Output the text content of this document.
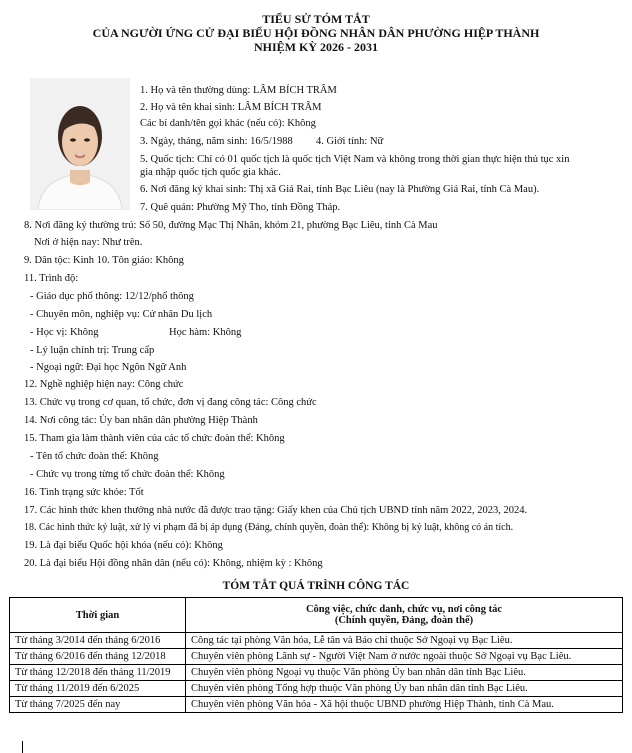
TIỂU SỬ TÓM TẮT
CỦA NGƯỜI ỨNG CỬ ĐẠI BIỂU HỘI ĐỒNG NHÂN DÂN PHƯỜNG HIỆP THÀNH
NHIỆM KỲ 2026 - 2031
1. Họ và tên thường dùng: LÂM BÍCH TRÂM
2. Họ và tên khai sinh: LÂM BÍCH TRÂM
Các bí danh/tên gọi khác (nếu có): Không
3. Ngày, tháng, năm sinh: 16/5/1988 4. Giới tính: Nữ
5. Quốc tịch: Chỉ có 01 quốc tịch là quốc tịch Việt Nam và không trong thời gian thực hiện thủ tục xin
gia nhập quốc tịch quốc gia khác.
6. Nơi đăng ký khai sinh: Thị xã Giá Rai, tỉnh Bạc Liêu (nay là Phường Giá Rai, tỉnh Cà Mau).
7. Quê quán: Phường Mỹ Tho, tỉnh Đồng Tháp.
8. Nơi đăng ký thường trú: Số 50, đường Mạc Thị Nhân, khóm 21, phường Bạc Liêu, tỉnh Cà Mau
Nơi ở hiện nay: Như trên.
9. Dân tộc: Kinh 10. Tôn giáo: Không
11. Trình độ:
- Giáo dục phổ thông: 12/12/phổ thông
- Chuyên môn, nghiệp vụ: Cử nhân Du lịch
- Học vị: Không	Học hàm: Không
- Lý luận chính trị: Trung cấp
- Ngoại ngữ: Đại học Ngôn Ngữ Anh
12. Nghề nghiệp hiện nay: Công chức
13. Chức vụ trong cơ quan, tổ chức, đơn vị đang công tác: Công chức
14. Nơi công tác: Ủy ban nhân dân phường Hiệp Thành
15. Tham gia làm thành viên của các tổ chức đoàn thể: Không
- Tên tổ chức đoàn thể: Không
- Chức vụ trong từng tổ chức đoàn thể: Không
16. Tình trạng sức khỏe: Tốt
17. Các hình thức khen thưởng nhà nước đã được trao tặng: Giấy khen của Chủ tịch UBND tỉnh năm 2022, 2023, 2024.
18. Các hình thức kỷ luật, xử lý vi phạm đã bị áp dụng (Đảng, chính quyền, đoàn thể): Không bị kỷ luật, không có án tích.
19. Là đại biểu Quốc hội khóa (nếu có): Không
20. Là đại biểu Hội đồng nhân dân (nếu có): Không, nhiệm kỳ : Không
TÓM TẮT QUÁ TRÌNH CÔNG TÁC
Thời gian	Công việc, chức danh, chức vụ, nơi công tác
(Chính quyền, Đảng, đoàn thể)

Từ tháng 3/2014 đến tháng 6/2016	Công tác tại phòng Văn hóa, Lễ tân và Báo chí thuộc Sở Ngoại vụ Bạc Liêu.
Từ tháng 6/2016 đến tháng 12/2018	Chuyên viên phòng Lãnh sự - Người Việt Nam ở nước ngoài thuộc Sở Ngoại vụ Bạc Liêu.
Từ tháng 12/2018 đến tháng 11/2019	Chuyên viên phòng Ngoại vụ thuộc Văn phòng Ủy ban nhân dân tỉnh Bạc Liêu.
Từ tháng 11/2019 đến 6/2025	Chuyên viên phòng Tổng hợp thuộc Văn phòng Ủy ban nhân dân tỉnh Bạc Liêu.
Từ tháng 7/2025 đến nay	Chuyên viên phòng Văn hóa - Xã hội thuộc UBND phường Hiệp Thành, tỉnh Cà Mau.
